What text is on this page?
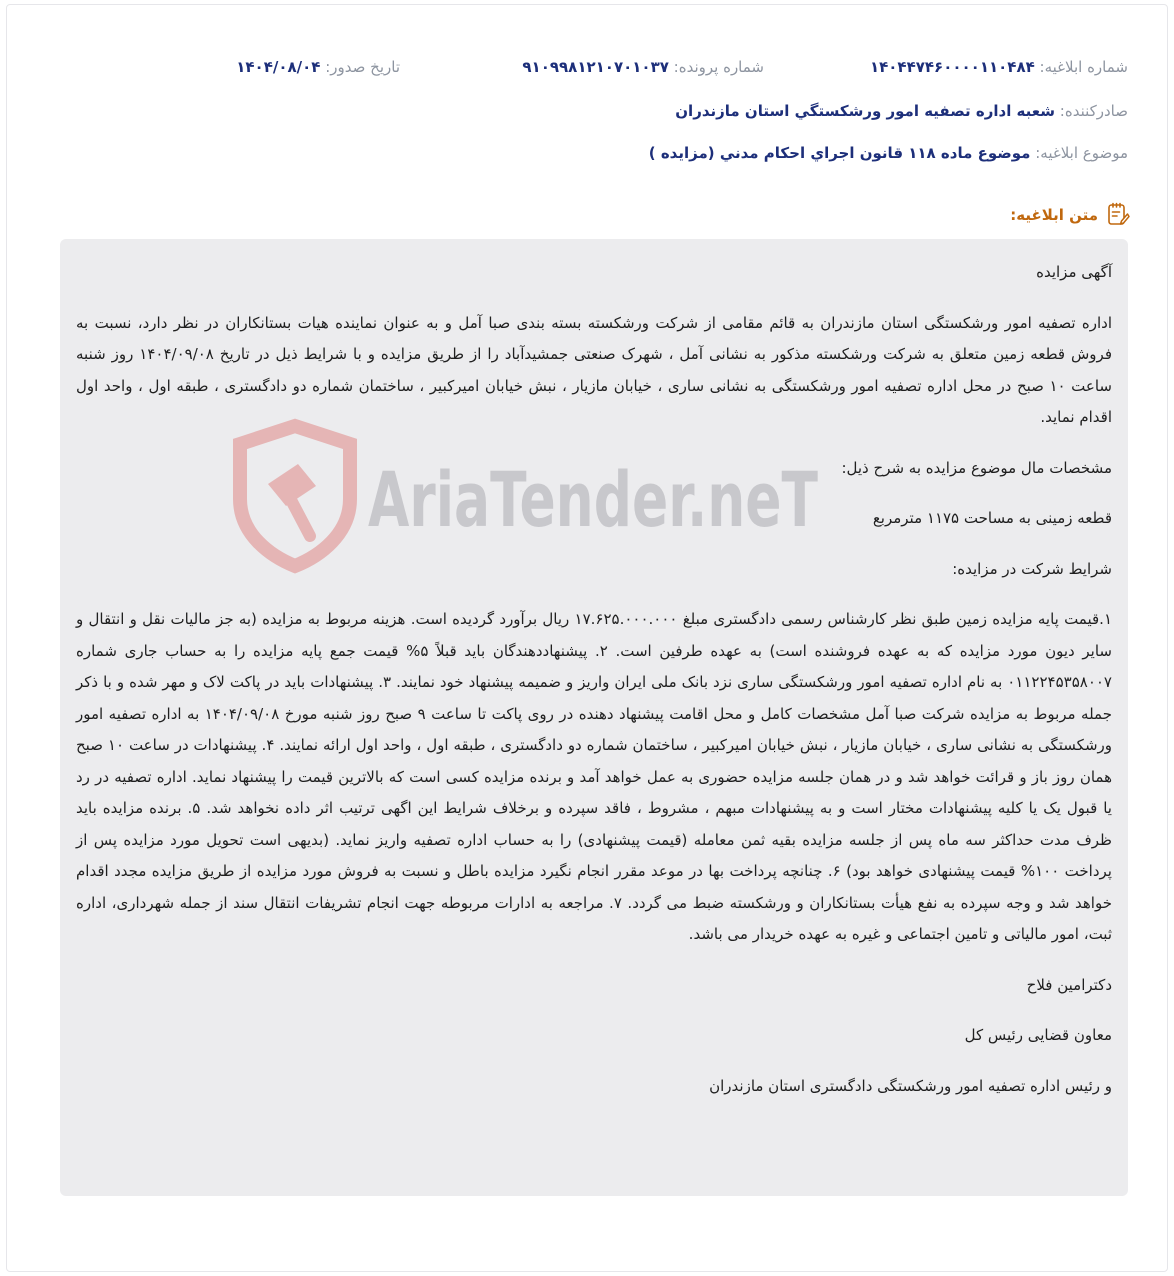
شماره ابلاغيه: ۱۴۰۴۴۷۴۶۰۰۰۰۱۱۰۴۸۴
شماره پرونده: ۹۱۰۹۹۸۱۲۱۰۷۰۱۰۳۷
تاريخ صدور: ۱۴۰۴/۰۸/۰۴
صادرکننده: شعبه اداره تصفيه امور ورشکستگي استان مازندران
موضوع ابلاغيه: موضوع ماده ۱۱۸ قانون اجراي احکام مدني (مزايده )
متن ابلاغیه:
AriaTender.neT

آگهی مزایده

اداره تصفیه امور ورشکستگی استان مازندران به قائم مقامی از شرکت ورشکسته بسته بندی صبا آمل و به عنوان نماینده هیات بستانکاران در نظر دارد، نسبت به فروش قطعه زمین متعلق به شرکت ورشکسته مذکور به نشانی آمل ، شهرک صنعتی جمشیدآباد را از طریق مزایده و با شرایط ذیل در تاریخ ۱۴۰۴/۰۹/۰۸ روز شنبه ساعت ۱۰ صبح در محل اداره تصفیه امور ورشکستگی به نشانی ساری ، خیابان مازیار ، نبش خیابان امیرکبیر ، ساختمان شماره دو دادگستری ، طبقه اول ، واحد اول اقدام نماید.

مشخصات مال موضوع مزایده به شرح ذیل:

قطعه زمینی به مساحت ۱۱۷۵ مترمربع

شرایط شرکت در مزایده:

۱.قیمت پایه مزایده زمین طبق نظر کارشناس رسمی دادگستری مبلغ ۱۷.۶۲۵.۰۰۰.۰۰۰ ریال برآورد گردیده است. هزینه مربوط به مزایده (به جز مالیات نقل و انتقال و سایر دیون مورد مزایده که به عهده فروشنده است) به عهده طرفین است. ۲. پیشنهاددهندگان باید قبلاً ۵% قیمت جمع پایه مزایده را به حساب جاری شماره ۰۱۱۲۲۴۵۳۵۸۰۰۷ به نام اداره تصفیه امور ورشکستگی ساری نزد بانک ملی ایران واریز و ضمیمه پیشنهاد خود نمایند. ۳. پیشنهادات باید در پاکت لاک و مهر شده و با ذکر جمله مربوط به مزایده شرکت صبا آمل مشخصات کامل و محل اقامت پیشنهاد دهنده در روی پاکت تا ساعت ۹ صبح روز شنبه مورخ ۱۴۰۴/۰۹/۰۸ به اداره تصفیه امور ورشکستگی به نشانی ساری ، خیابان مازیار ، نبش خیابان امیرکبیر ، ساختمان شماره دو دادگستری ، طبقه اول ، واحد اول ارائه نمایند. ۴. پیشنهادات در ساعت ۱۰ صبح همان روز باز و قرائت خواهد شد و در همان جلسه مزایده حضوری به عمل خواهد آمد و برنده مزایده کسی است که بالاترین قیمت را پیشنهاد نماید. اداره تصفیه در رد یا قبول یک یا کلیه پیشنهادات مختار است و به پیشنهادات مبهم ، مشروط ، فاقد سپرده و برخلاف شرایط این اگهی ترتیب اثر داده نخواهد شد. ۵. برنده مزایده باید ظرف مدت حداکثر سه ماه پس از جلسه مزایده بقیه ثمن معامله (قیمت پیشنهادی) را به حساب اداره تصفیه واریز نماید. (بدیهی است تحویل مورد مزایده پس از پرداخت ۱۰۰% قیمت پیشنهادی خواهد بود) ۶. چنانچه پرداخت بها در موعد مقرر انجام نگیرد مزایده باطل و نسبت به فروش مورد مزایده از طریق مزایده مجدد اقدام خواهد شد و وجه سپرده به نفع هیأت بستانکاران و ورشکسته ضبط می گردد. ۷. مراجعه به ادارات مربوطه جهت انجام تشریفات انتقال سند از جمله شهرداری، اداره ثبت، امور مالیاتی و تامین اجتماعی و غیره به عهده خریدار می باشد.

دکترامین فلاح

معاون قضایی رئیس کل

و رئیس اداره تصفیه امور ورشکستگی دادگستری استان مازندران
